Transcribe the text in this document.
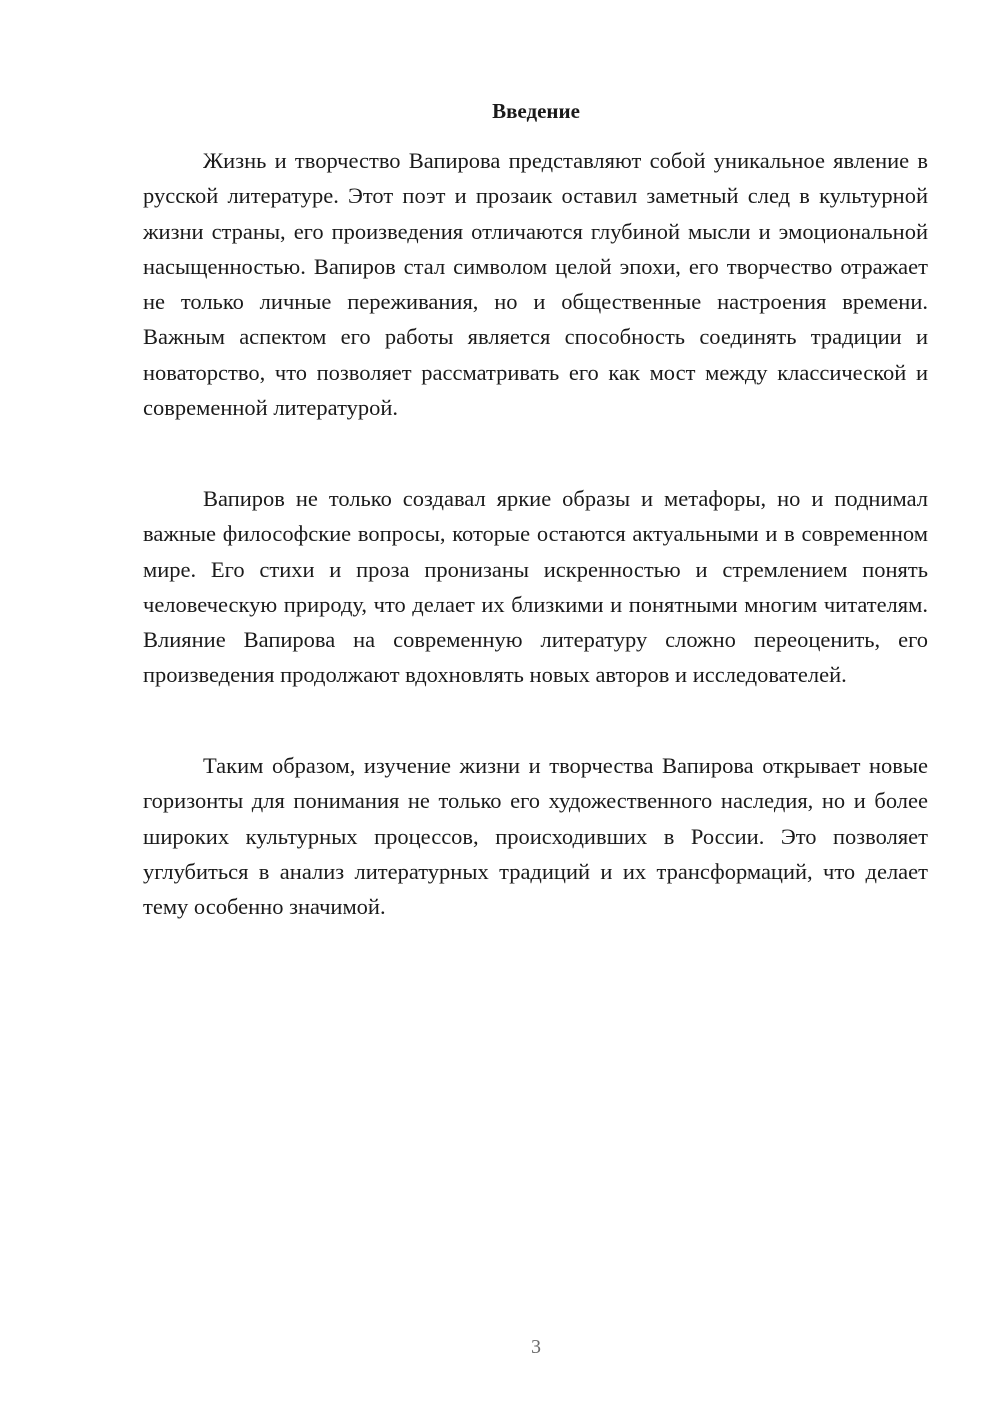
Введение

Жизнь и творчество Вапирова представляют собой уникальное явление в русской литературе. Этот поэт и прозаик оставил заметный след в культурной жизни страны, его произведения отличаются глубиной мысли и эмоциональной насыщенностью. Вапиров стал символом целой эпохи, его творчество отражает не только личные переживания, но и общественные настроения времени. Важным аспектом его работы является способность соединять традиции и новаторство, что позволяет рассматривать его как мост между классической и современной литературой.

Вапиров не только создавал яркие образы и метафоры, но и поднимал важные философские вопросы, которые остаются актуальными и в современном мире. Его стихи и проза пронизаны искренностью и стремлением понять человеческую природу, что делает их близкими и понятными многим читателям. Влияние Вапирова на современную литературу сложно переоценить, его произведения продолжают вдохновлять новых авторов и исследователей.

Таким образом, изучение жизни и творчества Вапирова открывает новые горизонты для понимания не только его художественного наследия, но и более широких культурных процессов, происходивших в России. Это позволяет углубиться в анализ литературных традиций и их трансформаций, что делает тему особенно значимой.

3
